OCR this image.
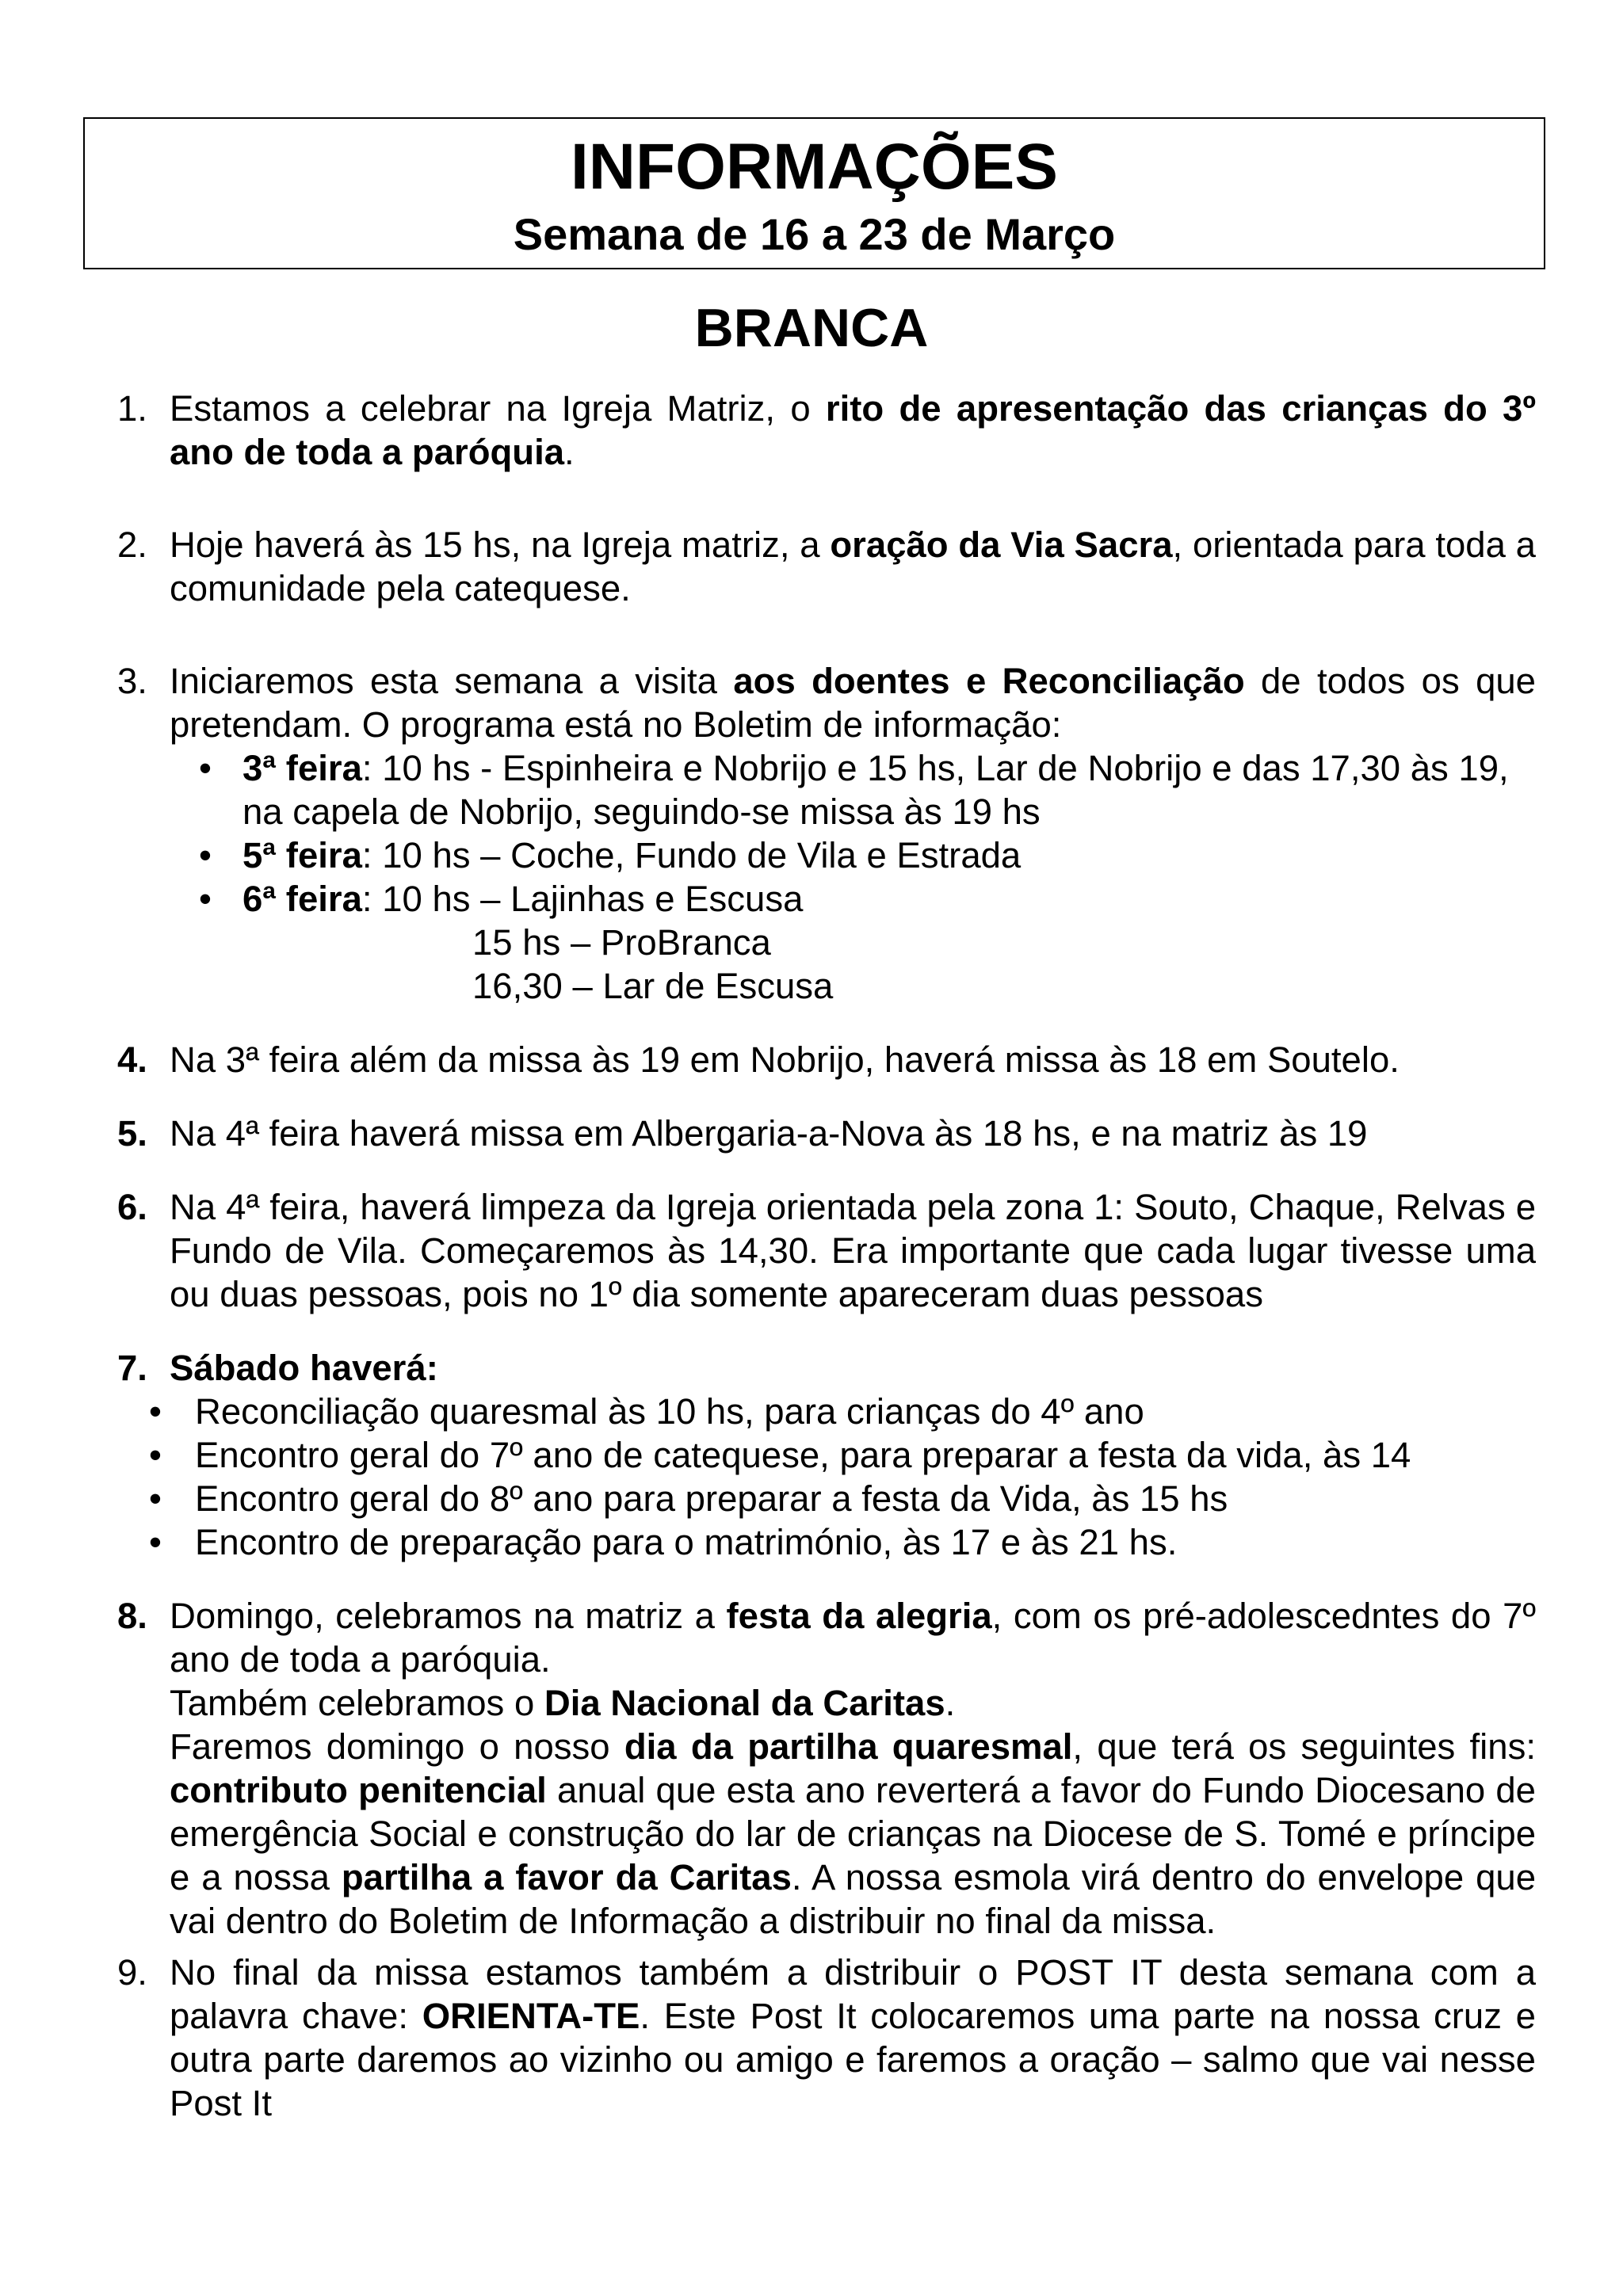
INFORMAÇÕES
Semana de 16 a 23 de Março
BRANCA
1. Estamos a celebrar na Igreja Matriz, o rito de apresentação das crianças do 3º ano de toda a paróquia.
2. Hoje haverá às 15 hs, na Igreja matriz, a oração da Via Sacra, orientada para toda a comunidade pela catequese.
3. Iniciaremos esta semana a visita aos doentes e Reconciliação de todos os que pretendam. O programa está no Boletim de informação:
• 3ª feira: 10 hs - Espinheira e Nobrijo e 15 hs, Lar de Nobrijo e das 17,30 às 19, na capela de Nobrijo, seguindo-se missa às 19 hs
• 5ª feira: 10 hs – Coche, Fundo de Vila e Estrada
• 6ª feira: 10 hs – Lajinhas e Escusa
15 hs – ProBranca
16,30 – Lar de Escusa
4. Na 3ª feira além da missa às 19 em Nobrijo, haverá missa às 18 em Soutelo.
5. Na 4ª feira haverá missa em Albergaria-a-Nova às 18 hs, e na matriz às 19
6. Na 4ª feira, haverá limpeza da Igreja orientada pela zona 1: Souto, Chaque, Relvas e Fundo de Vila. Começaremos às 14,30. Era importante que cada lugar tivesse uma ou duas pessoas, pois no 1º dia somente apareceram duas pessoas
7. Sábado haverá:
• Reconciliação quaresmal às 10 hs, para crianças do 4º ano
• Encontro geral do 7º ano de catequese, para preparar a festa da vida, às 14
• Encontro geral do 8º ano para preparar a festa da Vida, às 15 hs
• Encontro de preparação para o matrimónio, às 17 e às 21 hs.
8. Domingo, celebramos na matriz a festa da alegria, com os pré-adolescedntes do 7º ano de toda a paróquia.
Também celebramos o Dia Nacional da Caritas.
Faremos domingo o nosso dia da partilha quaresmal, que terá os seguintes fins: contributo penitencial anual que esta ano reverterá a favor do Fundo Diocesano de emergência Social e construção do lar de crianças na Diocese de S. Tomé e príncipe e a nossa partilha a favor da Caritas. A nossa esmola virá dentro do envelope que vai dentro do Boletim de Informação a distribuir no final da missa.
9. No final da missa estamos também a distribuir o POST IT desta semana com a palavra chave: ORIENTA-TE. Este Post It colocaremos uma parte na nossa cruz e outra parte daremos ao vizinho ou amigo e faremos a oração – salmo que vai nesse Post It
